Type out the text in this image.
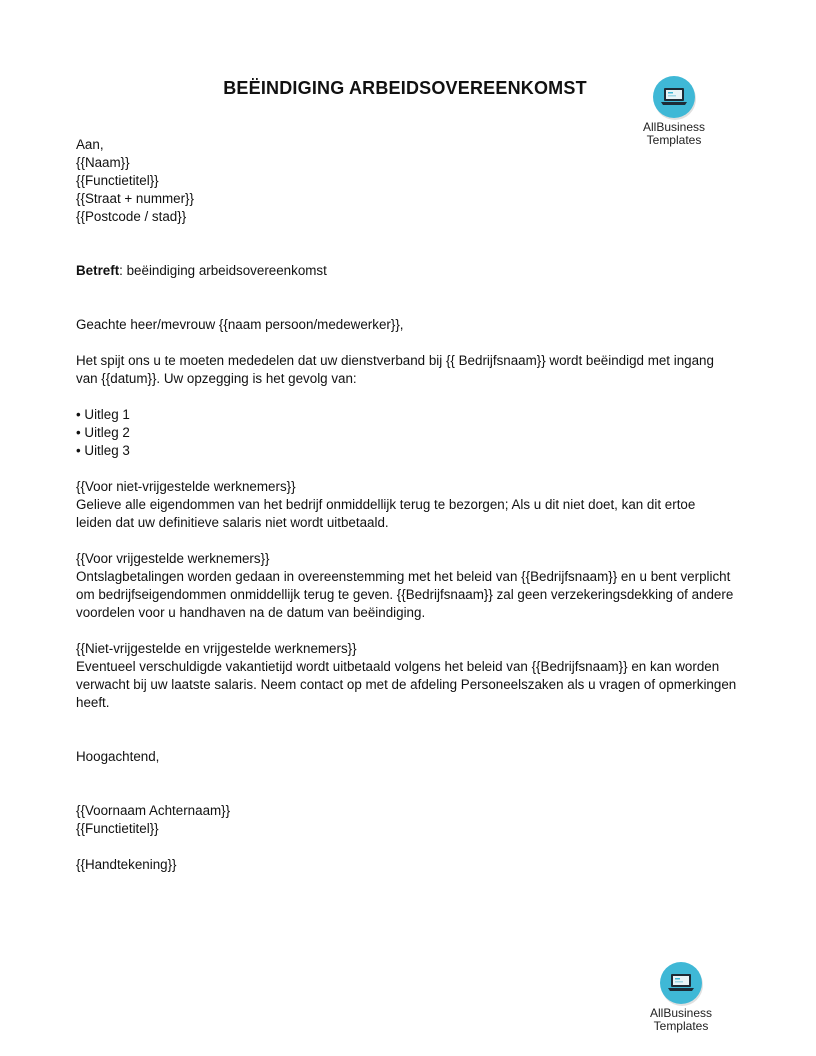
BEËINDIGING ARBEIDSOVEREENKOMST
AllBusiness
Templates
Aan,
{{Naam}}
{{Functietitel}}
{{Straat + nummer}}
{{Postcode / stad}}
Betreft: beëindiging arbeidsovereenkomst
Geachte heer/mevrouw {{naam persoon/medewerker}},
Het spijt ons u te moeten mededelen dat uw dienstverband bij {{ Bedrijfsnaam}} wordt beëindigd met ingang
van {{datum}}. Uw opzegging is het gevolg van:
• Uitleg 1
• Uitleg 2
• Uitleg 3
{{Voor niet-vrijgestelde werknemers}}
Gelieve alle eigendommen van het bedrijf onmiddellijk terug te bezorgen; Als u dit niet doet, kan dit ertoe
leiden dat uw definitieve salaris niet wordt uitbetaald.
{{Voor vrijgestelde werknemers}}
Ontslagbetalingen worden gedaan in overeenstemming met het beleid van {{Bedrijfsnaam}} en u bent verplicht
om bedrijfseigendommen onmiddellijk terug te geven. {{Bedrijfsnaam}} zal geen verzekeringsdekking of andere
voordelen voor u handhaven na de datum van beëindiging.
{{Niet-vrijgestelde en vrijgestelde werknemers}}
Eventueel verschuldigde vakantietijd wordt uitbetaald volgens het beleid van {{Bedrijfsnaam}} en kan worden
verwacht bij uw laatste salaris. Neem contact op met de afdeling Personeelszaken als u vragen of opmerkingen
heeft.
Hoogachtend,
{{Voornaam Achternaam}}
{{Functietitel}}
{{Handtekening}}
AllBusiness
Templates
